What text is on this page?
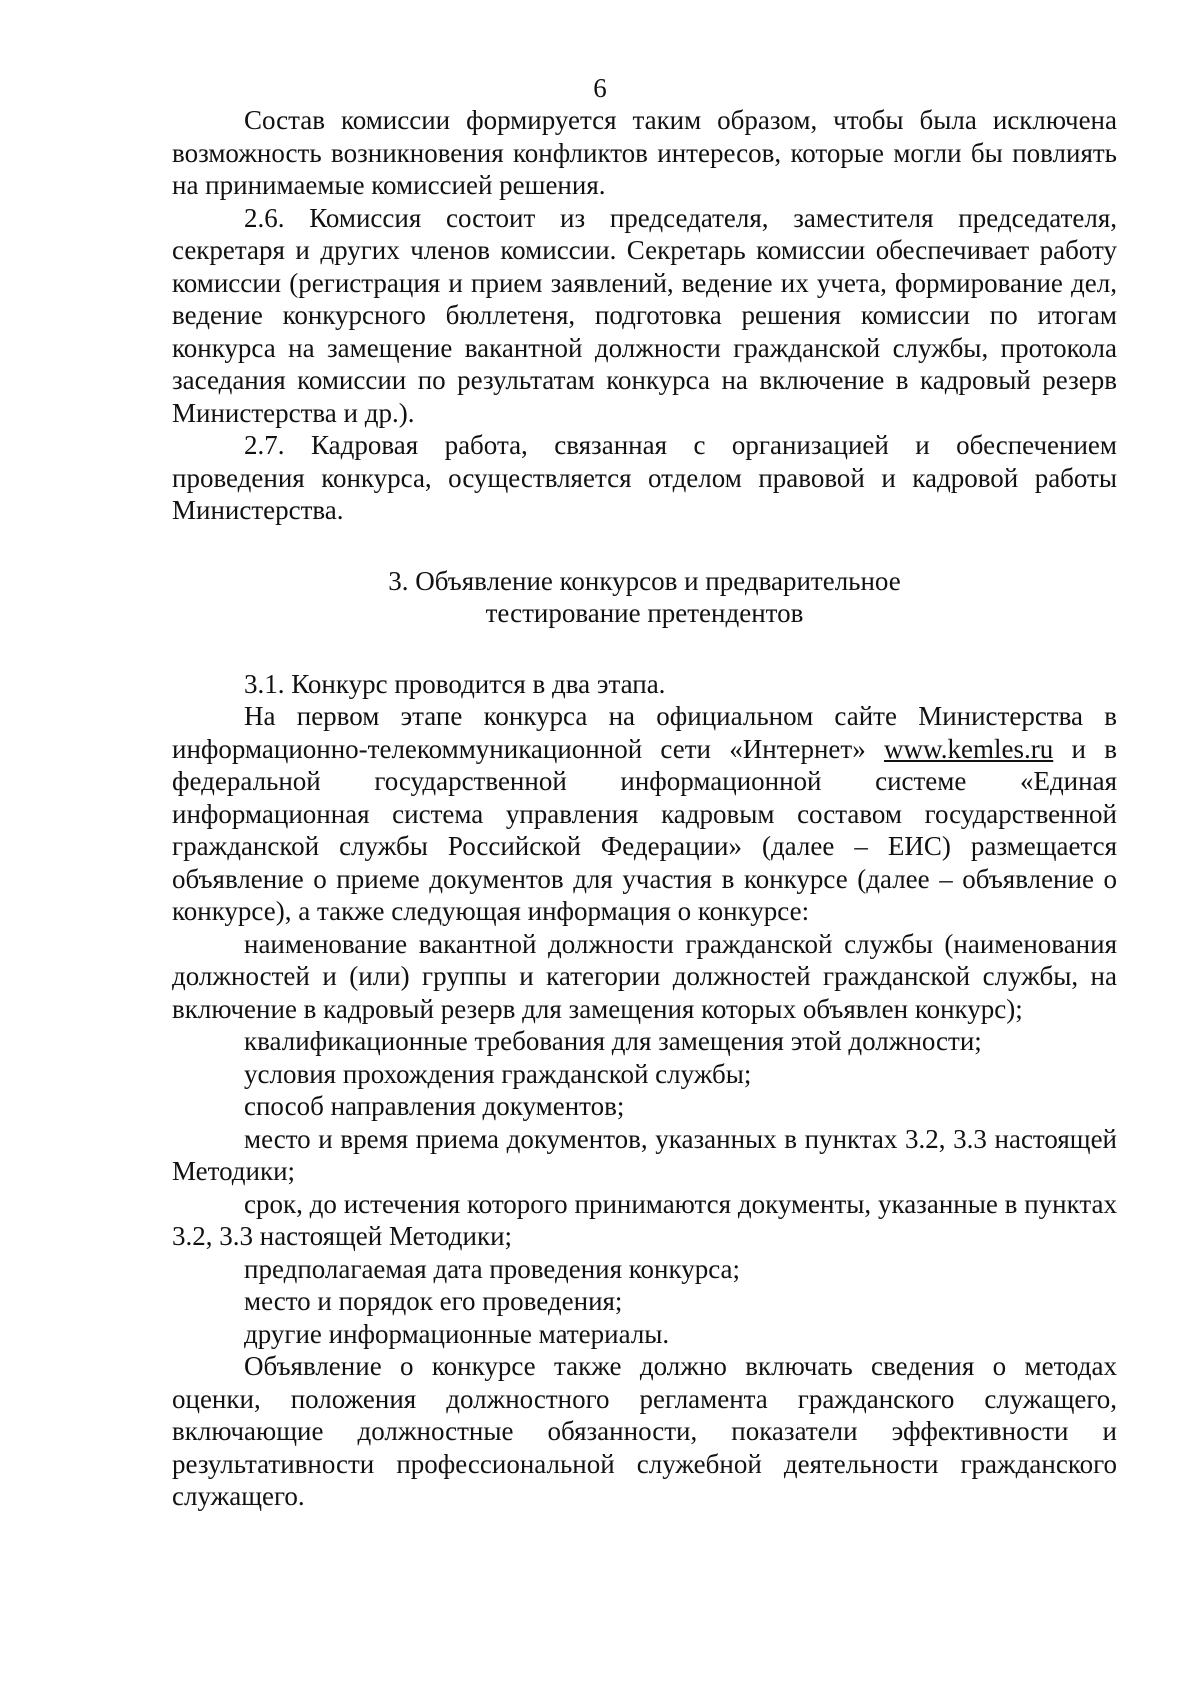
6

Состав комиссии формируется таким образом, чтобы была исключена возможность возникновения конфликтов интересов, которые могли бы повлиять на принимаемые комиссией решения.

2.6. Комиссия состоит из председателя, заместителя председателя, секретаря и других членов комиссии. Секретарь комиссии обеспечивает работу комиссии (регистрация и прием заявлений, ведение их учета, формирование дел, ведение конкурсного бюллетеня, подготовка решения комиссии по итогам конкурса на замещение вакантной должности гражданской службы, протокола заседания комиссии по результатам конкурса на включение в кадровый резерв Министерства и др.).

2.7. Кадровая работа, связанная с организацией и обеспечением проведения конкурса, осуществляется отделом правовой и кадровой работы Министерства.

3. Объявление конкурсов и предварительное
тестирование претендентов

3.1. Конкурс проводится в два этапа.

На первом этапе конкурса на официальном сайте Министерства в информационно-телекоммуникационной сети «Интернет» www.kemles.ru и в федеральной государственной информационной системе «Единая информационная система управления кадровым составом государственной гражданской службы Российской Федерации» (далее – ЕИС) размещается объявление о приеме документов для участия в конкурсе (далее – объявление о конкурсе), а также следующая информация о конкурсе:

наименование вакантной должности гражданской службы (наименования должностей и (или) группы и категории должностей гражданской службы, на включение в кадровый резерв для замещения которых объявлен конкурс);

квалификационные требования для замещения этой должности;

условия прохождения гражданской службы;

способ направления документов;

место и время приема документов, указанных в пунктах 3.2, 3.3 настоящей Методики;

срок, до истечения которого принимаются документы, указанные в пунктах 3.2, 3.3 настоящей Методики;

предполагаемая дата проведения конкурса;

место и порядок его проведения;

другие информационные материалы.

Объявление о конкурсе также должно включать сведения о методах оценки, положения должностного регламента гражданского служащего, включающие должностные обязанности, показатели эффективности и результативности профессиональной служебной деятельности гражданского служащего.
